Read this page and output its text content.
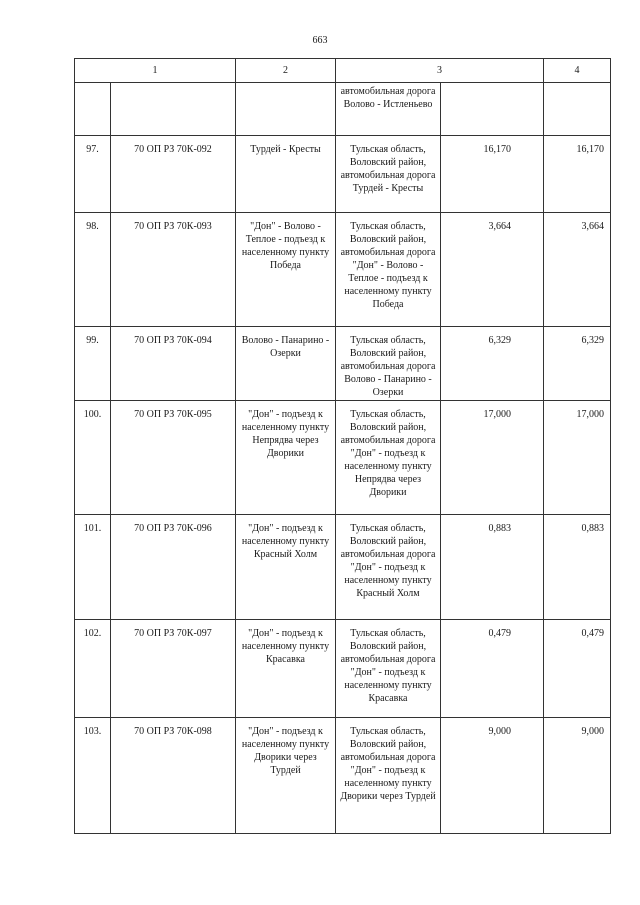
663
1		2	3		4
			автомобильная дорога Волово - Истленьево		
97.	70 ОП РЗ 70К-092	Турдей - Кресты	Тульская область, Воловский район, автомобильная дорога Турдей - Кресты	16,170	16,170
98.	70 ОП РЗ 70К-093	"Дон" - Волово - Теплое - подъезд к населенному пункту Победа	Тульская область, Воловский район, автомобильная дорога "Дон" - Волово - Теплое - подъезд к населенному пункту Победа	3,664	3,664
99.	70 ОП РЗ 70К-094	Волово - Панарино - Озерки	Тульская область, Воловский район, автомобильная дорога Волово - Панарино - Озерки	6,329	6,329
100.	70 ОП РЗ 70К-095	"Дон" - подъезд к населенному пункту Непрядва через Дворики	Тульская область, Воловский район, автомобильная дорога "Дон" - подъезд к населенному пункту Непрядва через Дворики	17,000	17,000
101.	70 ОП РЗ 70К-096	"Дон" - подъезд к населенному пункту Красный Холм	Тульская область, Воловский район, автомобильная дорога "Дон" - подъезд к населенному пункту Красный Холм	0,883	0,883
102.	70 ОП РЗ 70К-097	"Дон" - подъезд к населенному пункту Красавка	Тульская область, Воловский район, автомобильная дорога "Дон" - подъезд к населенному пункту Красавка	0,479	0,479
103.	70 ОП РЗ 70К-098	"Дон" - подъезд к населенному пункту Дворики через Турдей	Тульская область, Воловский район, автомобильная дорога "Дон" - подъезд к населенному пункту Дворики через Турдей	9,000	9,000
